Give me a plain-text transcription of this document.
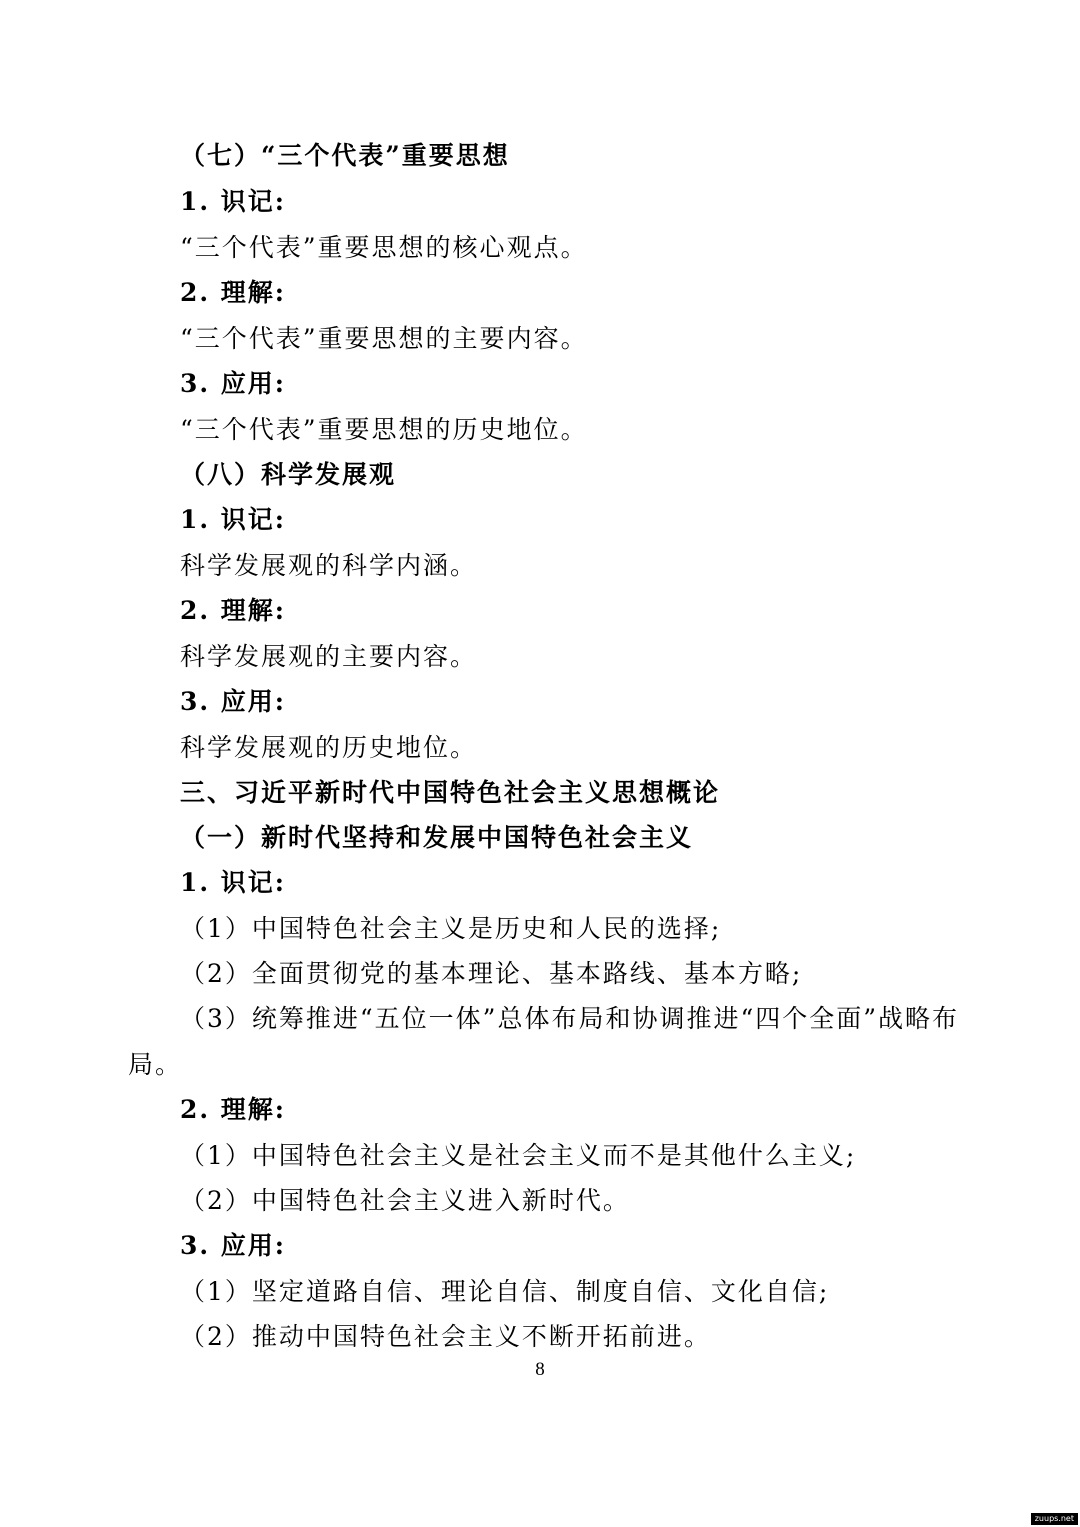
（七）“三个代表”重要思想
1. 识记:
“三个代表”重要思想的核心观点。
2. 理解:
“三个代表”重要思想的主要内容。
3. 应用:
“三个代表”重要思想的历史地位。
（八）科学发展观
1. 识记:
科学发展观的科学内涵。
2. 理解:
科学发展观的主要内容。
3. 应用:
科学发展观的历史地位。
三、习近平新时代中国特色社会主义思想概论
（一）新时代坚持和发展中国特色社会主义
1. 识记:
（1）中国特色社会主义是历史和人民的选择;
（2）全面贯彻党的基本理论、基本路线、基本方略;
（3）统筹推进“五位一体”总体布局和协调推进“四个全面”战略布
局。
2. 理解:
（1）中国特色社会主义是社会主义而不是其他什么主义;
（2）中国特色社会主义进入新时代。
3. 应用:
（1）坚定道路自信、理论自信、制度自信、文化自信;
（2）推动中国特色社会主义不断开拓前进。
8
zuups.net
